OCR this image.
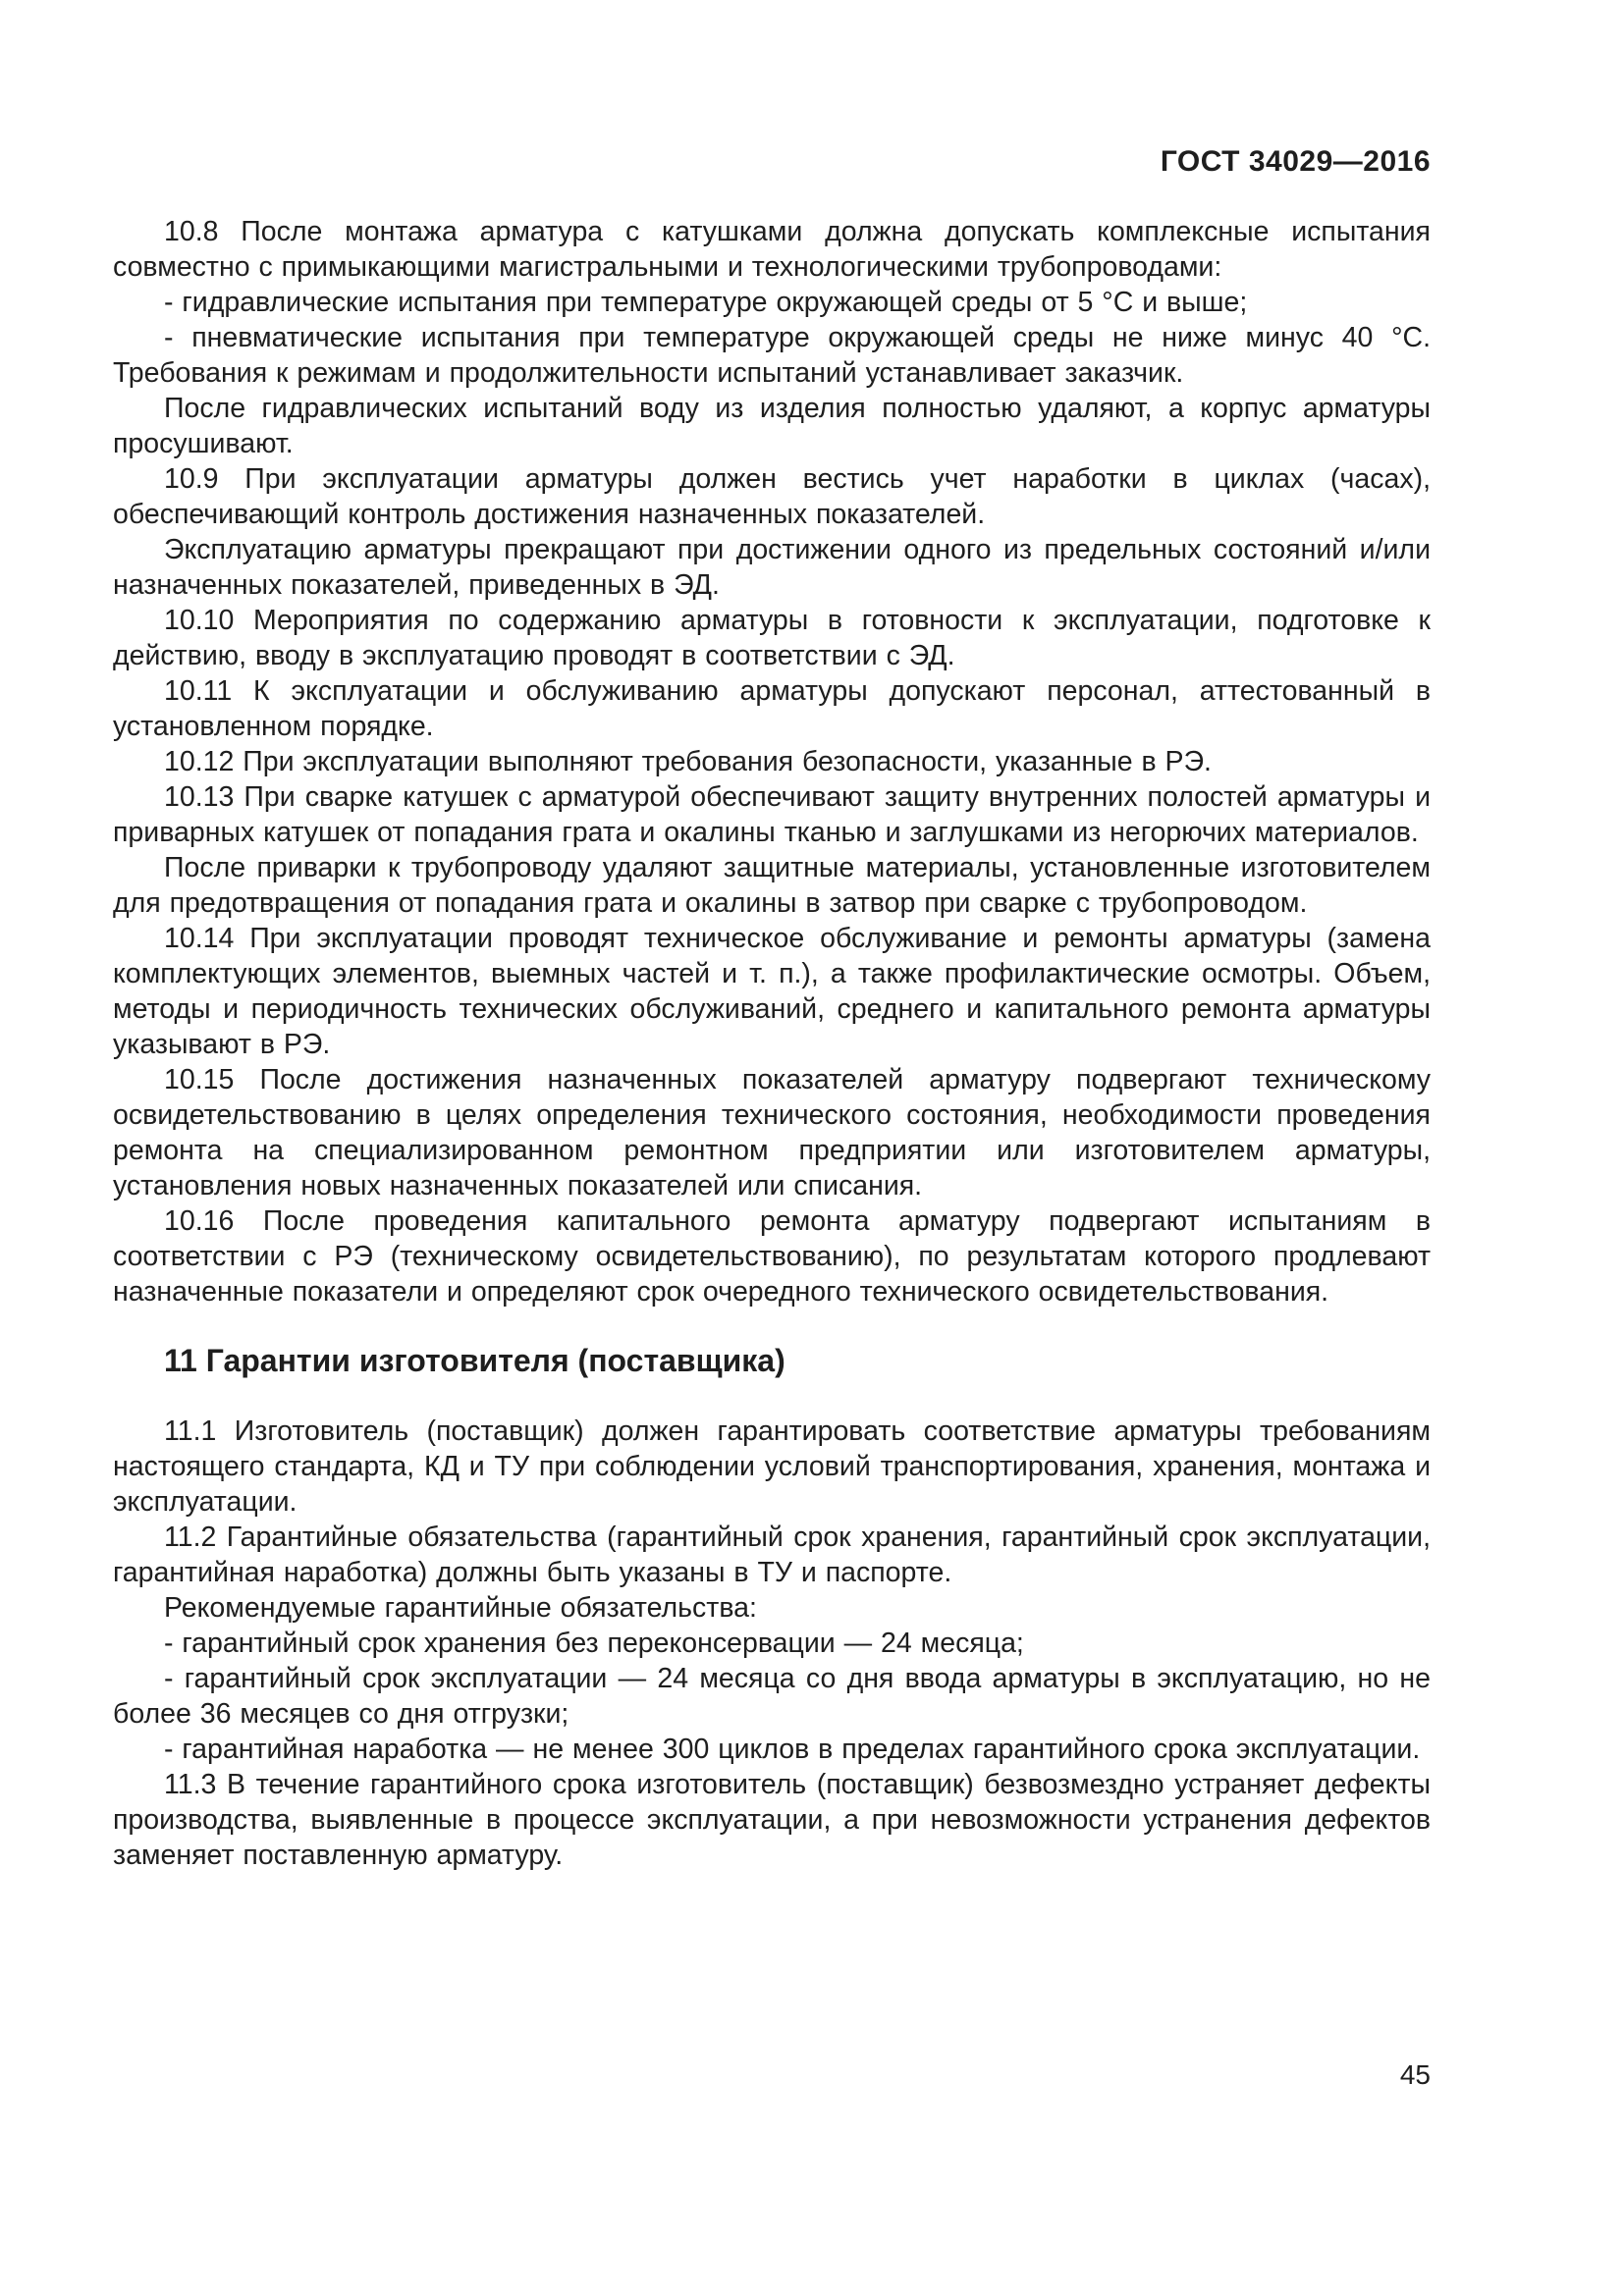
ГОСТ 34029—2016

10.8 После монтажа арматура с катушками должна допускать комплексные испытания совместно с примыкающими магистральными и технологическими трубопроводами:

- гидравлические испытания при температуре окружающей среды от 5 °С и выше;

- пневматические испытания при температуре окружающей среды не ниже минус 40 °С. Требования к режимам и продолжительности испытаний устанавливает заказчик.

После гидравлических испытаний воду из изделия полностью удаляют, а корпус арматуры просушивают.

10.9 При эксплуатации арматуры должен вестись учет наработки в циклах (часах), обеспечивающий контроль достижения назначенных показателей.

Эксплуатацию арматуры прекращают при достижении одного из предельных состояний и/или назначенных показателей, приведенных в ЭД.

10.10 Мероприятия по содержанию арматуры в готовности к эксплуатации, подготовке к действию, вводу в эксплуатацию проводят в соответствии с ЭД.

10.11 К эксплуатации и обслуживанию арматуры допускают персонал, аттестованный в установленном порядке.

10.12 При эксплуатации выполняют требования безопасности, указанные в РЭ.

10.13 При сварке катушек с арматурой обеспечивают защиту внутренних полостей арматуры и приварных катушек от попадания грата и окалины тканью и заглушками из негорючих материалов.

После приварки к трубопроводу удаляют защитные материалы, установленные изготовителем для предотвращения от попадания грата и окалины в затвор при сварке с трубопроводом.

10.14 При эксплуатации проводят техническое обслуживание и ремонты арматуры (замена комплектующих элементов, выемных частей и т. п.), а также профилактические осмотры. Объем, методы и периодичность технических обслуживаний, среднего и капитального ремонта арматуры указывают в РЭ.

10.15 После достижения назначенных показателей арматуру подвергают техническому освидетельствованию в целях определения технического состояния, необходимости проведения ремонта на специализированном ремонтном предприятии или изготовителем арматуры, установления новых назначенных показателей или списания.

10.16 После проведения капитального ремонта арматуру подвергают испытаниям в соответствии с РЭ (техническому освидетельствованию), по результатам которого продлевают назначенные показатели и определяют срок очередного технического освидетельствования.

11 Гарантии изготовителя (поставщика)

11.1 Изготовитель (поставщик) должен гарантировать соответствие арматуры требованиям настоящего стандарта, КД и ТУ при соблюдении условий транспортирования, хранения, монтажа и эксплуатации.

11.2 Гарантийные обязательства (гарантийный срок хранения, гарантийный срок эксплуатации, гарантийная наработка) должны быть указаны в ТУ и паспорте.

Рекомендуемые гарантийные обязательства:

- гарантийный срок хранения без переконсервации — 24 месяца;

- гарантийный срок эксплуатации — 24 месяца со дня ввода арматуры в эксплуатацию, но не более 36 месяцев со дня отгрузки;

- гарантийная наработка — не менее 300 циклов в пределах гарантийного срока эксплуатации.

11.3 В течение гарантийного срока изготовитель (поставщик) безвозмездно устраняет дефекты производства, выявленные в процессе эксплуатации, а при невозможности устранения дефектов заменяет поставленную арматуру.

45
